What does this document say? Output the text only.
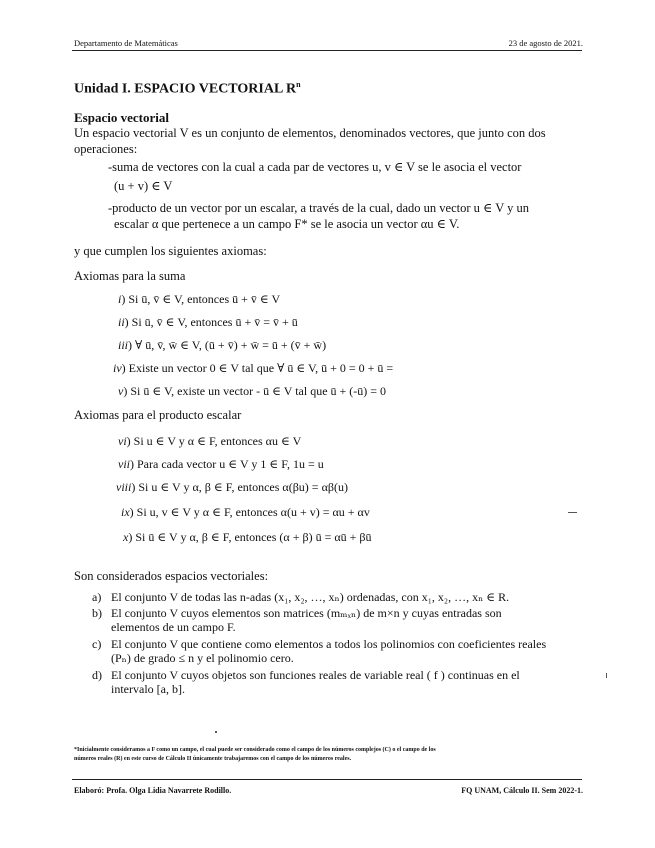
Departamento de Matemáticas	23 de agosto de 2021.
Unidad I. ESPACIO VECTORIAL $R^n$
Espacio vectorial
Un espacio vectorial V es un conjunto de elementos, denominados vectores, que junto con dos
operaciones:
-suma de vectores con la cual a cada par de vectores u, v ∈ V se le asocia el vector
(u + v) ∈ V
-producto de un vector por un escalar, a través de la cual, dado un vector u ∈ V y un
escalar α que pertenece a un campo F* se le asocia un vector αu ∈ V.
y que cumplen los siguientes axiomas:
Axiomas para la suma
i) Si ū, v̄ ∈ V, entonces ū + v̄ ∈ V
ii) Si ū, v̄ ∈ V, entonces ū + v̄ = v̄ + ū
iii) ∀ ū, v̄, w̄ ∈ V, (ū + v̄) + w̄ = ū + (v̄ + w̄)
iv) Existe un vector 0 ∈ V tal que ∀ ū ∈ V, ū + 0 = 0 + ū =
v) Si ū ∈ V, existe un vector - ū ∈ V tal que ū + (-ū) = 0
Axiomas para el producto escalar
vi) Si u ∈ V y α ∈ F, entonces αu ∈ V
vii) Para cada vector u ∈ V y 1 ∈ F, 1u = u
viii) Si u ∈ V y α, β ∈ F, entonces α(βu) = αβ(u)
ix) Si u, v ∈ V y α ∈ F, entonces α(u + v) = αu + αv
x) Si ū ∈ V y α, β ∈ F, entonces (α + β) ū = αū + βū
Son considerados espacios vectoriales:
a) El conjunto V de todas las n-adas (x₁, x₂, …, xₙ) ordenadas, con x₁, x₂, …, xₙ ∈ R.
b) El conjunto V cuyos elementos son matrices (mₘₓₙ) de m×n y cuyas entradas son
elementos de un campo F.
c) El conjunto V que contiene como elementos a todos los polinomios con coeficientes reales
(Pₙ) de grado ≤ n y el polinomio cero.
d) El conjunto V cuyos objetos son funciones reales de variable real ( f ) continuas en el
intervalo [a, b].
*Inicialmente consideramos a F como un campo, el cual puede ser considerado como el campo de los números complejos (C) o el campo de los
números reales (R) en este curso de Cálculo II únicamente trabajaremos con el campo de los números reales.
Elaboró: Profa. Olga Lidia Navarrete Rodillo.	FQ UNAM, Cálculo II. Sem 2022-1.
